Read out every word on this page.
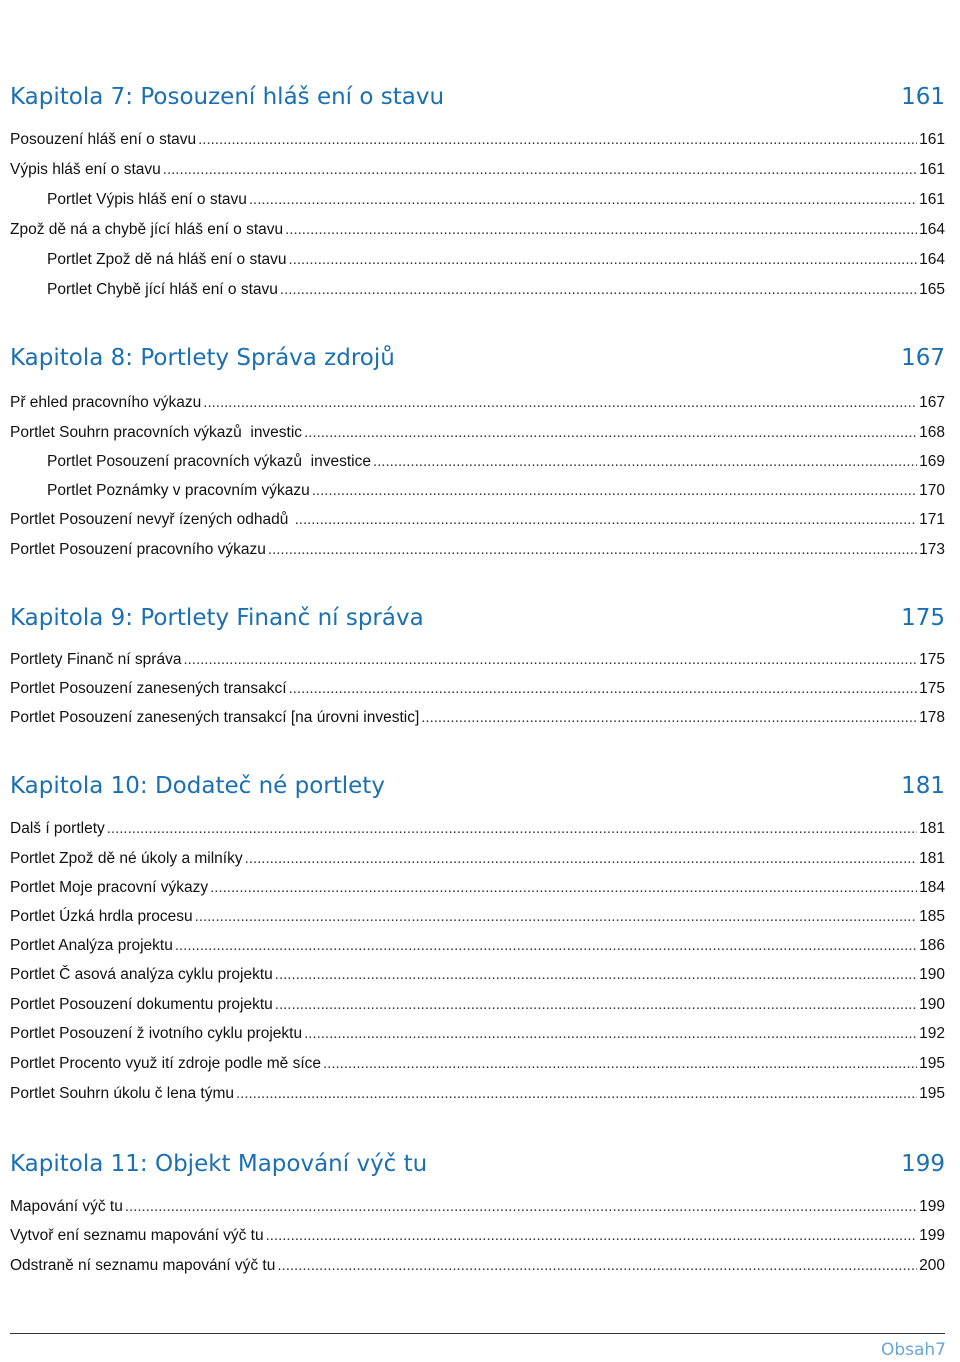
Kapitola 7: Posouzení hláš ení o stavu	161
Posouzení hláš ení o stavu .....	161
Výpis hláš ení o stavu .....	161
Portlet Výpis hláš ení o stavu .....	161
Zpož dě ná a chybě jící hláš ení o stavu .....	164
Portlet Zpož dě ná hláš ení o stavu .....	164
Portlet Chybě jící hláš ení o stavu .....	165
Kapitola 8: Portlety Správa zdrojů	167
Př ehled pracovního výkazu .....	167
Portlet Souhrn pracovních výkazů  investic .....	168
Portlet Posouzení pracovních výkazů  investice .....	169
Portlet Poznámky v pracovním výkazu .....	170
Portlet Posouzení nevyř ízených odhadů .....	171
Portlet Posouzení pracovního výkazu .....	173
Kapitola 9: Portlety Finanč ní správa	175
Portlety Finanč ní správa .....	175
Portlet Posouzení zanesených transakcí .....	175
Portlet Posouzení zanesených transakcí [na úrovni investic] .....	178
Kapitola 10: Dodateč né portlety	181
Dalš í portlety .....	181
Portlet Zpož dě né úkoly a milníky .....	181
Portlet Moje pracovní výkazy .....	184
Portlet Úzká hrdla procesu .....	185
Portlet Analýza projektu .....	186
Portlet Č asová analýza cyklu projektu .....	190
Portlet Posouzení dokumentu projektu .....	190
Portlet Posouzení ž ivotního cyklu projektu .....	192
Portlet Procento využ ití zdroje podle mě síce .....	195
Portlet Souhrn úkolu č lena týmu .....	195
Kapitola 11: Objekt Mapování výč tu	199
Mapování výč tu .....	199
Vytvoř ení seznamu mapování výč tu .....	199
Odstraně ní seznamu mapování výč tu .....	200
Obsah7
